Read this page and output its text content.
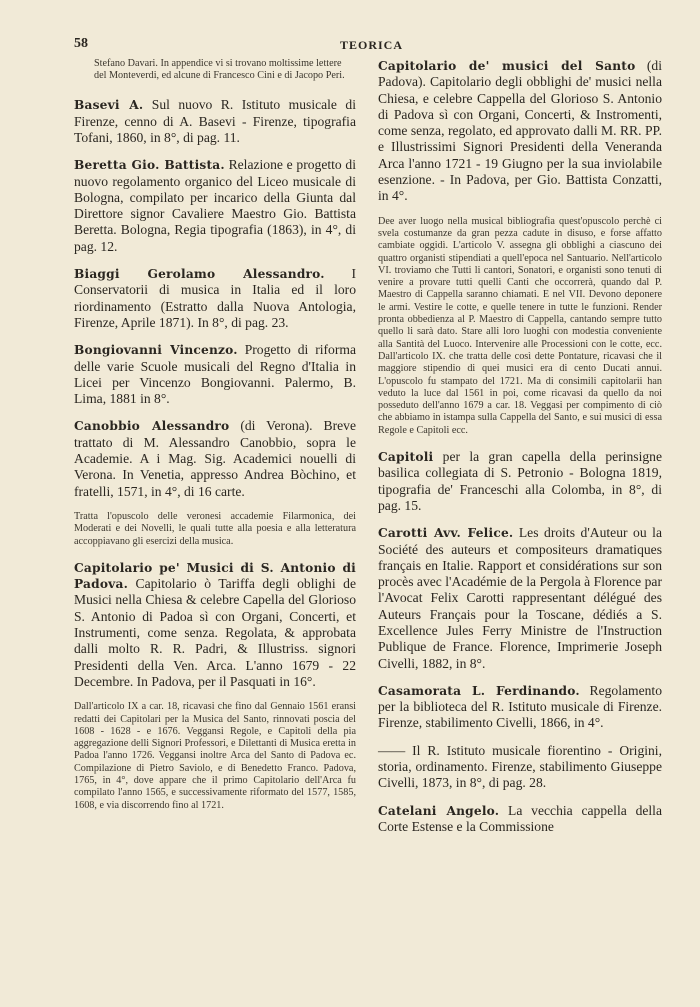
58	TEORICA
Stefano Davari. In appendice vi si trovano moltissime lettere del Monteverdi, ed alcune di Francesco Cini e di Jacopo Peri.
Basevi A. Sul nuovo R. Istituto musicale di Firenze, cenno di A. Basevi - Firenze, tipografia Tofani, 1860, in 8°, di pag. 11.
Beretta Gio. Battista. Relazione e progetto di nuovo regolamento organico del Liceo musicale di Bologna, compilato per incarico della Giunta dal Direttore signor Cavaliere Maestro Gio. Battista Beretta. Bologna, Regia tipografia (1863), in 4°, di pag. 12.
Biaggi Gerolamo Alessandro. I Conservatorii di musica in Italia ed il loro riordinamento (Estratto dalla Nuova Antologia, Firenze, Aprile 1871). In 8°, di pag. 23.
Bongiovanni Vincenzo. Progetto di riforma delle varie Scuole musicali del Regno d'Italia in Licei per Vincenzo Bongiovanni. Palermo, B. Lima, 1881 in 8°.
Canobbio Alessandro (di Verona). Breve trattato di M. Alessandro Canobbio, sopra le Academie. A i Mag. Sig. Academici nouelli di Verona. In Venetia, appresso Andrea Bòchino, et fratelli, 1571, in 4°, di 16 carte.
Tratta l'opuscolo delle veronesi accademie Filarmonica, dei Moderati e dei Novelli, le quali tutte alla poesia e alla letteratura accoppiavano gli esercizi della musica.
Capitolario pe' Musici di S. Antonio di Padova. Capitolario ò Tariffa degli oblighi de Musici nella Chiesa & celebre Capella del Glorioso S. Antonio di Padoa sì con Organi, Concerti, et Instrumenti, come senza. Regolata, & approbata dalli molto R. R. Padri, & Illustriss. signori Presidenti della Ven. Arca. L'anno 1679 - 22 Decembre. In Padova, per il Pasquati in 16°.
Dall'articolo IX a car. 18, ricavasi che fino dal Gennaio 1561 eransi redatti dei Capitolari per la Musica del Santo, rinnovati poscia del 1608 - 1628 - e 1676. Veggansi Regole, e Capitoli della pia aggregazione delli Signori Professori, e Dilettanti di Musica eretta in Padoa l'anno 1726. Veggansi inoltre Arca del Santo di Padova ec. Compilazione di Pietro Saviolo, e di Benedetto Franco. Padova, 1765, in 4°, dove appare che il primo Capitolario dell'Arca fu compilato l'anno 1565, e successivamente riformato del 1577, 1585, 1608, e via discorrendo fino al 1721.
Capitolario de' musici del Santo (di Padova). Capitolario degli obblighi de' musici nella Chiesa, e celebre Cappella del Glorioso S. Antonio di Padova sì con Organi, Concerti, & Instromenti, come senza, regolato, ed approvato dalli M. RR. PP. e Illustrissimi Signori Presidenti della Veneranda Arca l'anno 1721 - 19 Giugno per la sua inviolabile esenzione. - In Padova, per Gio. Battista Conzatti, in 4°.
Dee aver luogo nella musical bibliografia quest'opuscolo perchè ci svela costumanze da gran pezza cadute in disuso, e forse affatto cambiate oggidì. L'articolo V. assegna gli obblighi a ciascuno dei quattro organisti stipendiati a quell'epoca nel Santuario. Nell'articolo VI. troviamo che Tutti li cantori, Sonatori, e organisti sono tenuti di venire a provare tutti quelli Canti che occorrerà, quando dal P. Maestro di Cappella saranno chiamati. E nel VII. Devono deponere le armi. Vestire le cotte, e quelle tenere in tutte le funzioni. Render pronta obbedienza al P. Maestro di Cappella, cantando sempre tutto quello li sarà dato. Stare alli loro luoghi con modestia conveniente alla Santità del Luoco. Intervenire alle Processioni con le cotte, ecc. Dall'articolo IX. che tratta delle così dette Pontature, ricavasi che il maggiore stipendio di quei musici era di cento Ducati annui. L'opuscolo fu stampato del 1721. Ma di consimili capitolarii han veduto la luce dal 1561 in poi, come ricavasi da quello da noi posseduto dell'anno 1679 a car. 18. Veggasi per compimento di ciò che abbiamo in istampa sulla Cappella del Santo, e sui musici di essa Regole e Capitoli ecc.
Capitoli per la gran capella della perinsigne basilica collegiata di S. Petronio - Bologna 1819, tipografia de' Franceschi alla Colomba, in 8°, di pag. 15.
Carotti Avv. Felice. Les droits d'Auteur ou la Société des auteurs et compositeurs dramatiques français en Italie. Rapport et considérations sur son procès avec l'Académie de la Pergola à Florence par l'Avocat Felix Carotti rappresentant délégué des Auteurs Français pour la Toscane, dédiés a S. Excellence Jules Ferry Ministre de l'Instruction Publique de France. Florence, Imprimerie Joseph Civelli, 1882, in 8°.
Casamorata L. Ferdinando. Regolamento per la biblioteca del R. Istituto musicale di Firenze. Firenze, stabilimento Civelli, 1866, in 4°.
—— Il R. Istituto musicale fiorentino - Origini, storia, ordinamento. Firenze, stabilimento Giuseppe Civelli, 1873, in 8°, di pag. 28.
Catelani Angelo. La vecchia cappella della Corte Estense e la Commissione
